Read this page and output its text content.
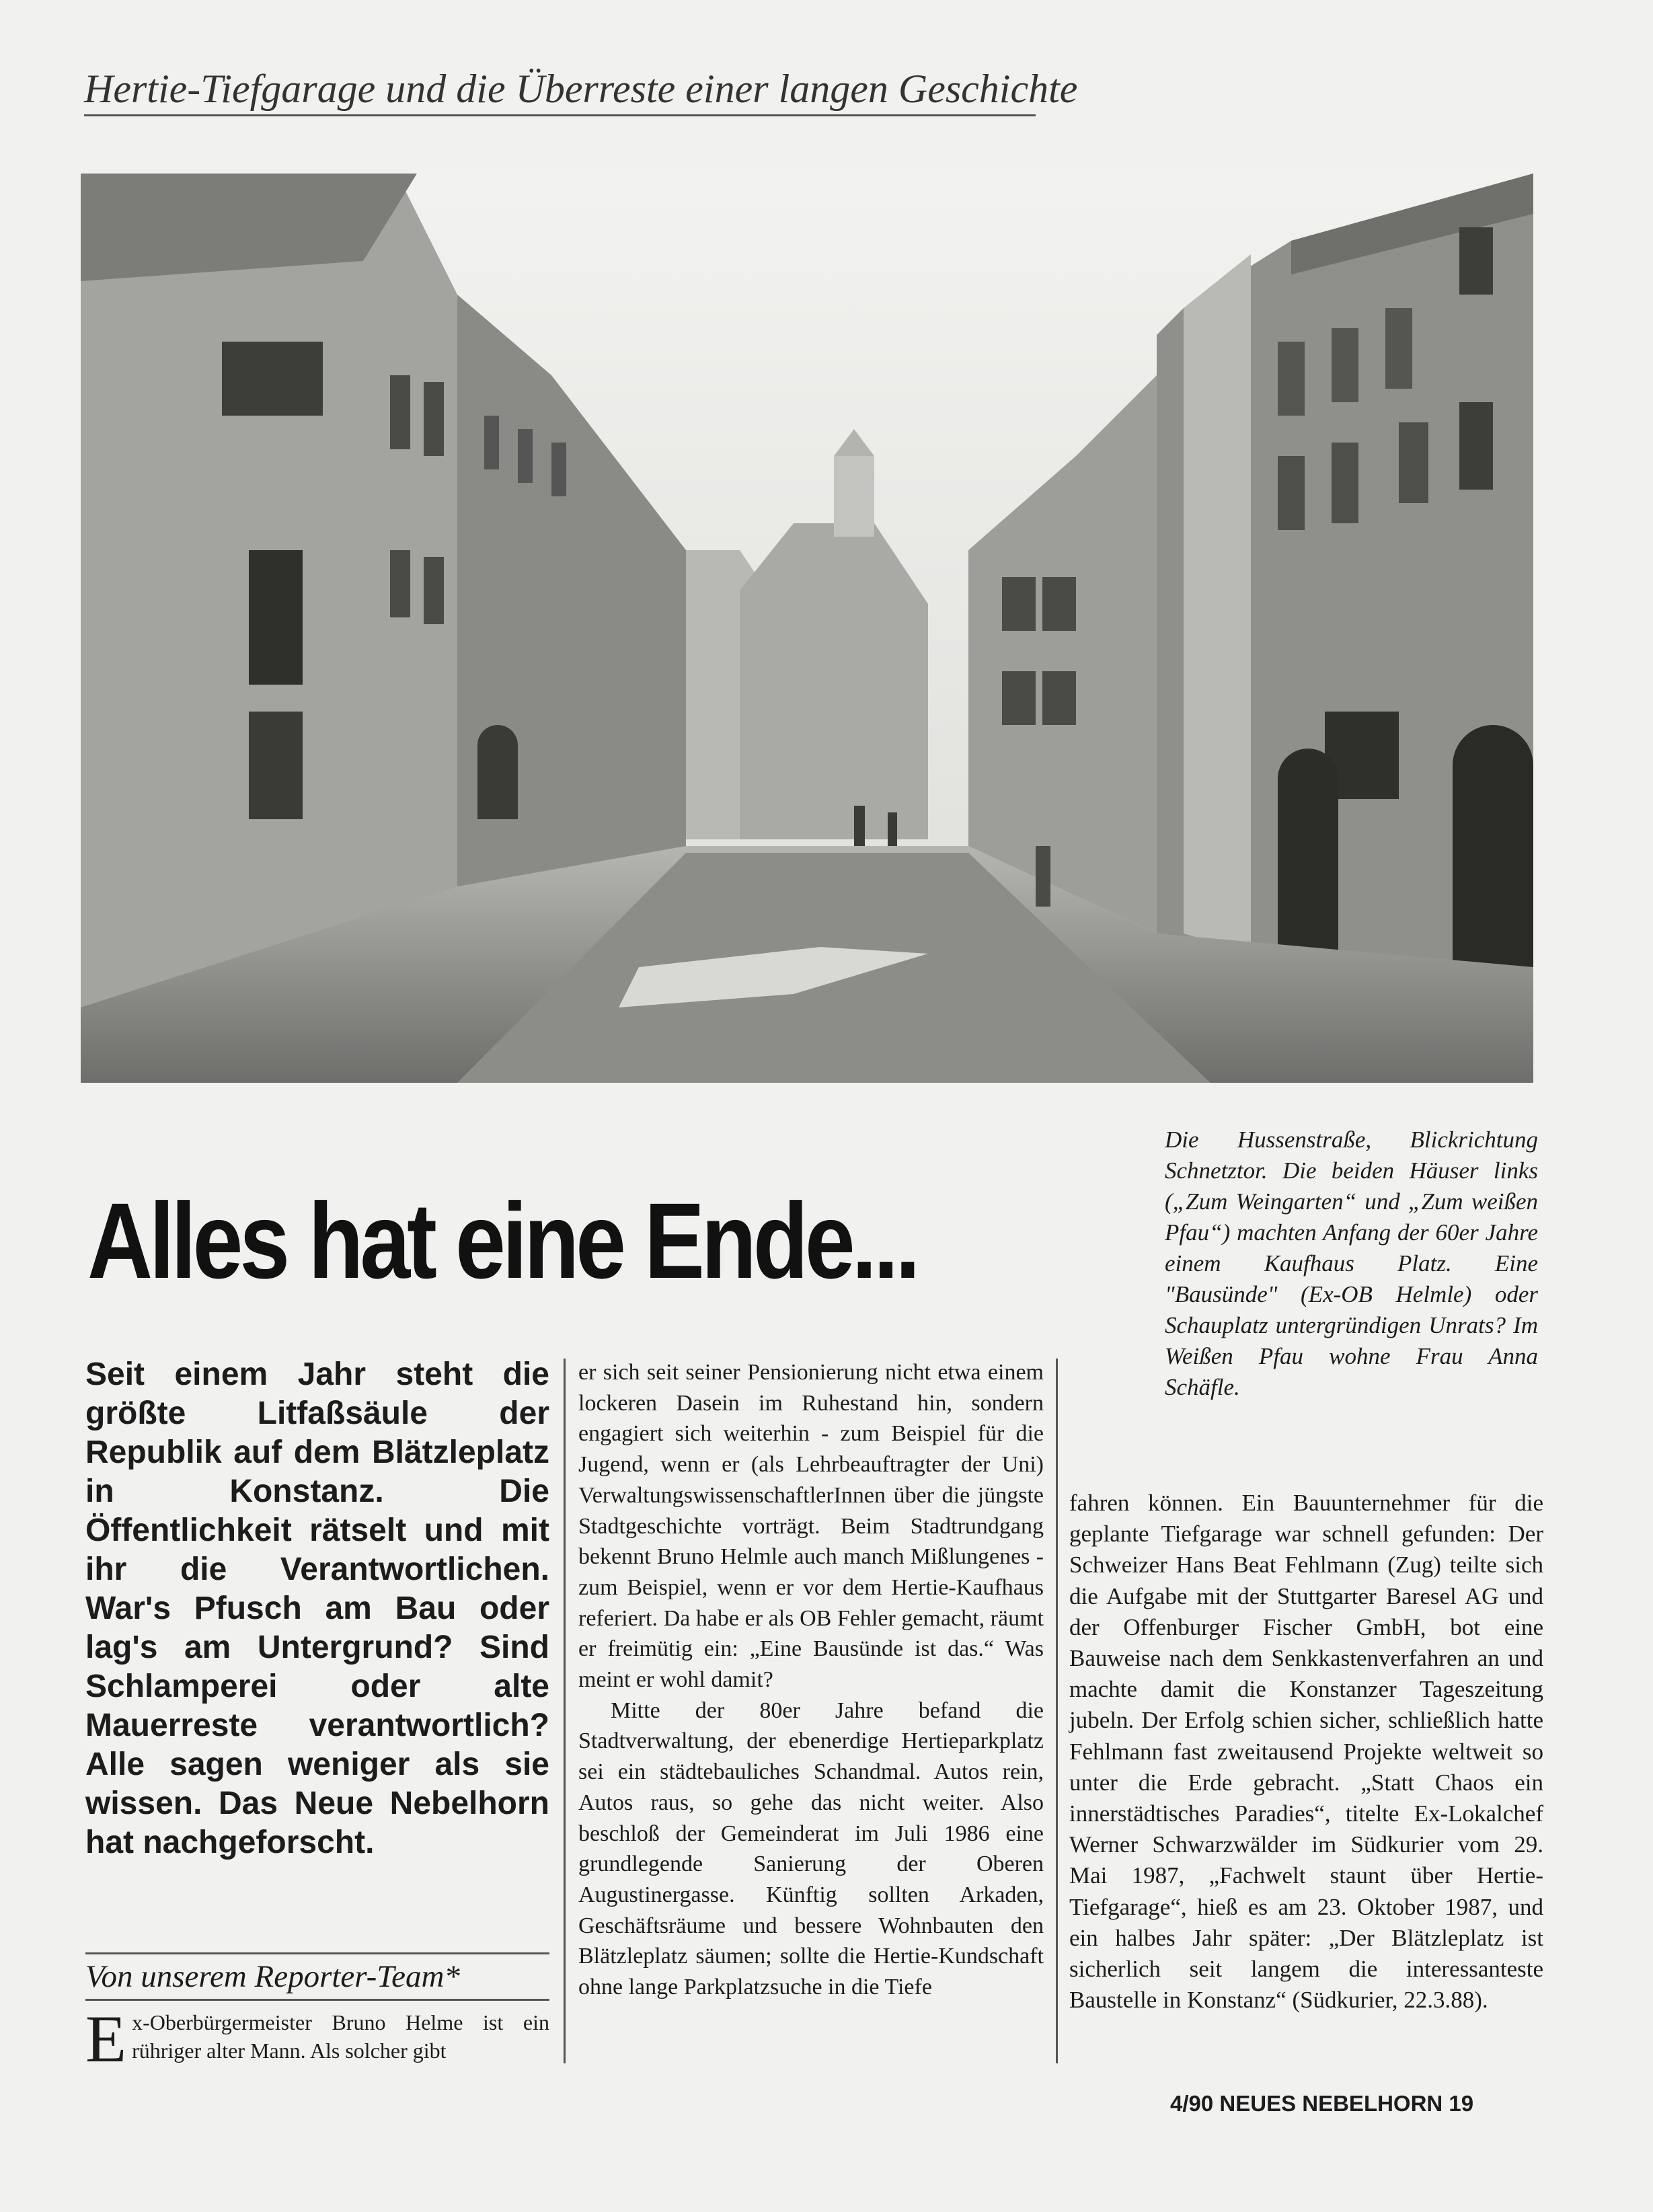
Hertie-Tiefgarage und die Überreste einer langen Geschichte
Die Hussenstraße, Blickrichtung Schnetztor. Die beiden Häuser links („Zum Weingarten“ und „Zum weißen Pfau“) machten Anfang der 60er Jahre einem Kaufhaus Platz. Eine "Bausünde" (Ex-OB Helmle) oder Schauplatz untergründigen Unrats? Im Weißen Pfau wohne Frau Anna Schäfle.
Alles hat eine Ende...
Seit einem Jahr steht die größte Litfaßsäule der Republik auf dem Blätzleplatz in Konstanz. Die Öffentlichkeit rätselt und mit ihr die Verantwortlichen. War's Pfusch am Bau oder lag's am Untergrund? Sind Schlamperei oder alte Mauerreste verantwortlich? Alle sagen weniger als sie wissen. Das Neue Nebelhorn hat nachgeforscht.
Von unserem Reporter-Team*
Ex-Oberbürgermeister Bruno Helme ist ein rühriger alter Mann. Als solcher gibt

er sich seit seiner Pensionierung nicht etwa einem lockeren Dasein im Ruhestand hin, sondern engagiert sich weiterhin - zum Beispiel für die Jugend, wenn er (als Lehrbeauftragter der Uni) VerwaltungswissenschaftlerInnen über die jüngste Stadtgeschichte vorträgt. Beim Stadtrundgang bekennt Bruno Helmle auch manch Mißlungenes - zum Beispiel, wenn er vor dem Hertie-Kaufhaus referiert. Da habe er als OB Fehler gemacht, räumt er freimütig ein: „Eine Bausünde ist das.“ Was meint er wohl damit?

Mitte der 80er Jahre befand die Stadtverwaltung, der ebenerdige Hertieparkplatz sei ein städtebauliches Schandmal. Autos rein, Autos raus, so gehe das nicht weiter. Also beschloß der Gemeinderat im Juli 1986 eine grundlegende Sanierung der Oberen Augustinergasse. Künftig sollten Arkaden, Geschäftsräume und bessere Wohnbauten den Blätzleplatz säumen; sollte die Hertie-Kundschaft ohne lange Parkplatzsuche in die Tiefe

fahren können. Ein Bauunternehmer für die geplante Tiefgarage war schnell gefunden: Der Schweizer Hans Beat Fehlmann (Zug) teilte sich die Aufgabe mit der Stuttgarter Baresel AG und der Offenburger Fischer GmbH, bot eine Bauweise nach dem Senkkastenverfahren an und machte damit die Konstanzer Tageszeitung jubeln. Der Erfolg schien sicher, schließlich hatte Fehlmann fast zweitausend Projekte weltweit so unter die Erde gebracht. „Statt Chaos ein innerstädtisches Paradies“, titelte Ex-Lokalchef Werner Schwarzwälder im Südkurier vom 29. Mai 1987, „Fachwelt staunt über Hertie-Tiefgarage“, hieß es am 23. Oktober 1987, und ein halbes Jahr später: „Der Blätzleplatz ist sicherlich seit langem die interessanteste Baustelle in Konstanz“ (Südkurier, 22.3.88).

4/90 NEUES NEBELHORN 19
